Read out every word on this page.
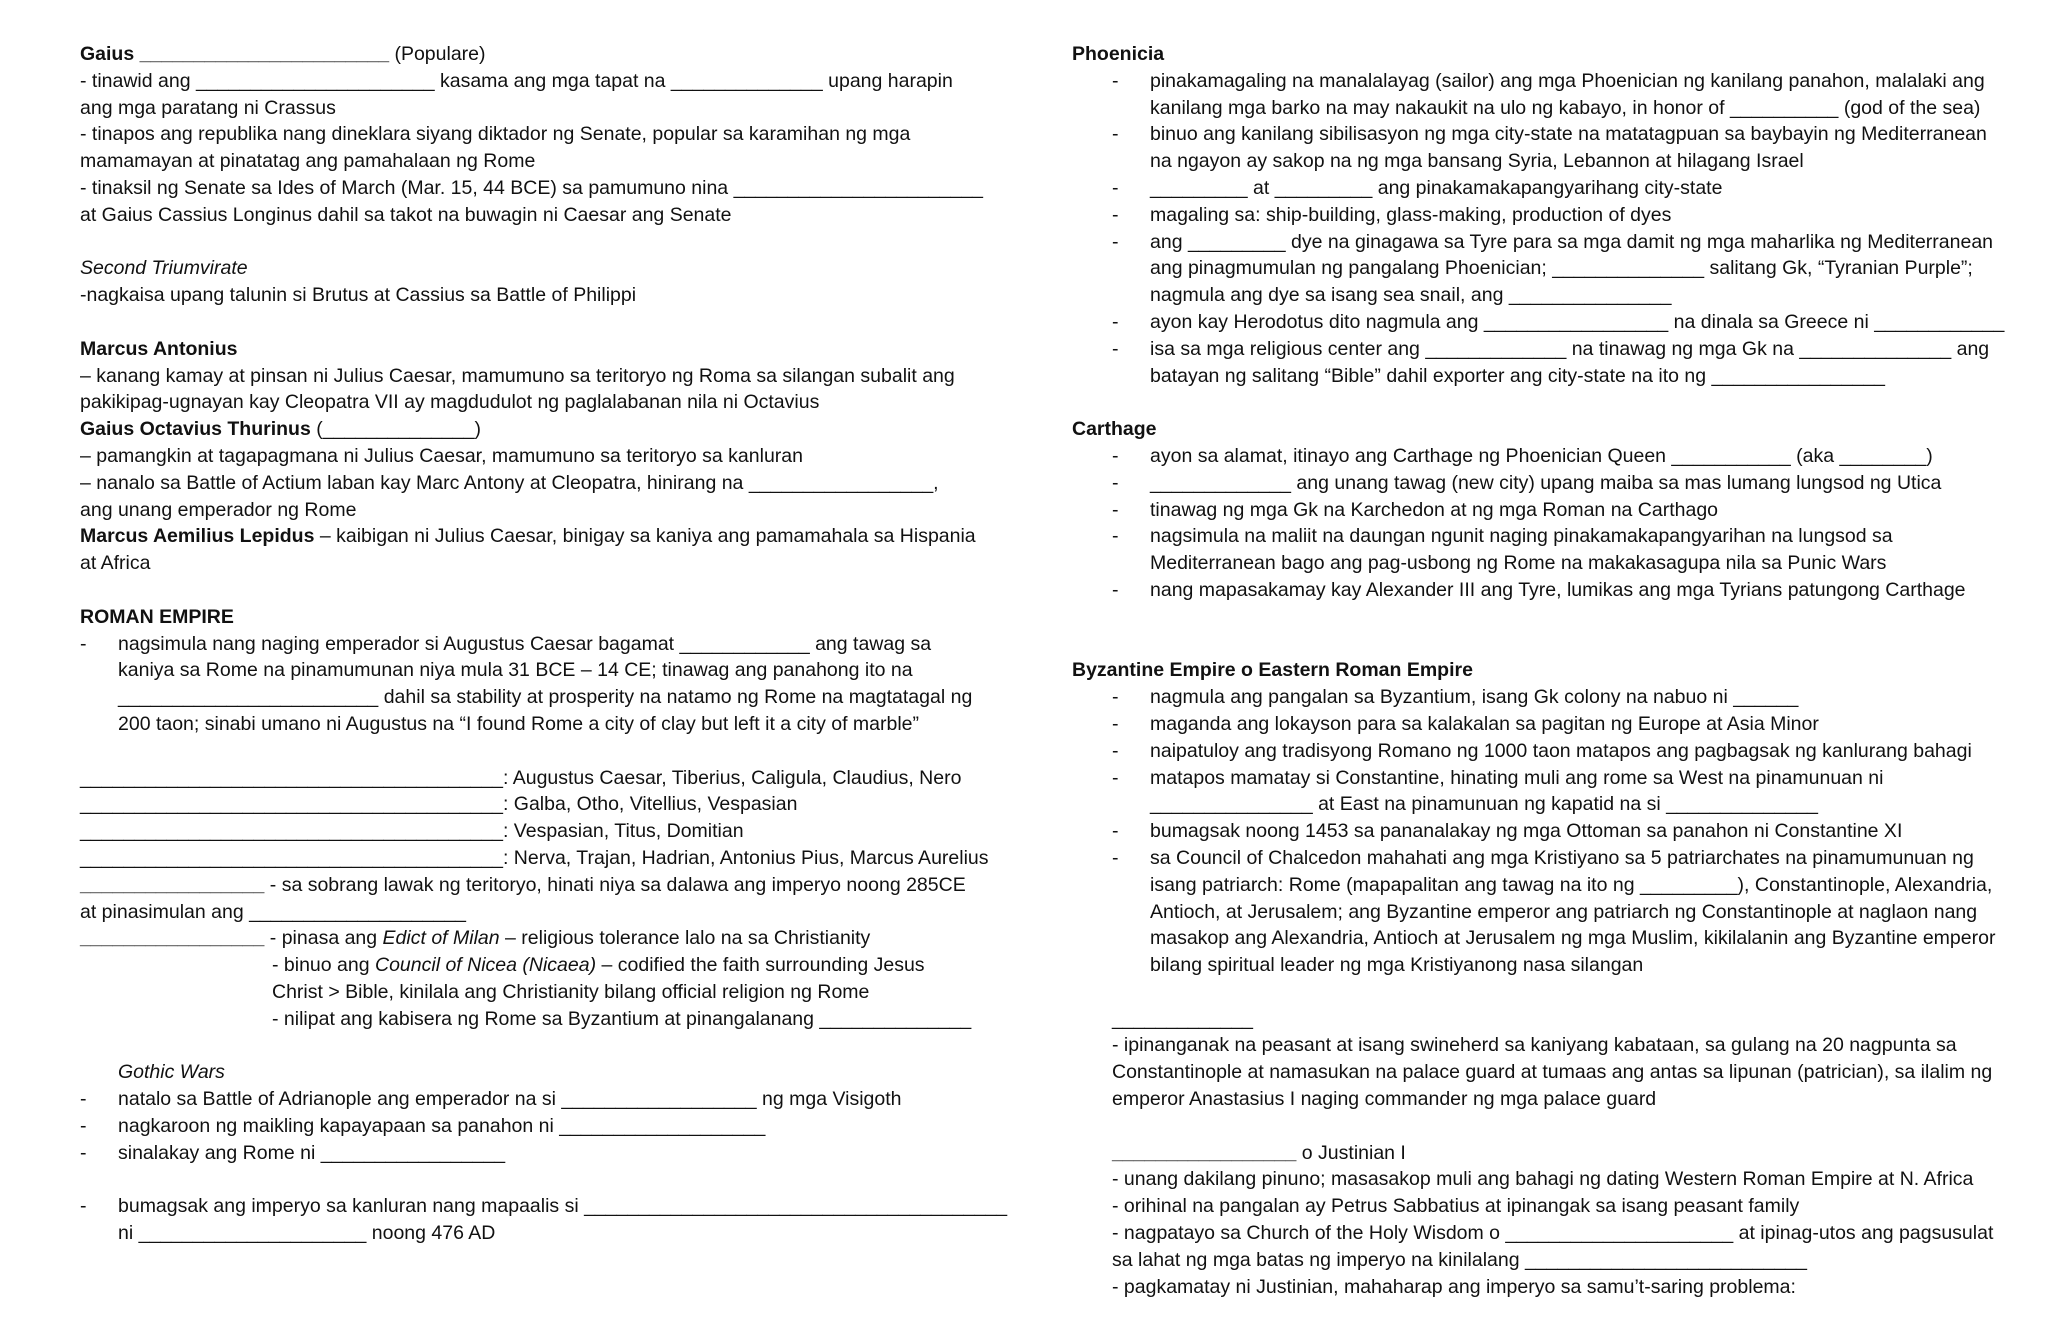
Gaius _______________________ (Populare)
- tinawid ang ______________________ kasama ang mga tapat na ______________ upang harapin
ang mga paratang ni Crassus
- tinapos ang republika nang dineklara siyang diktador ng Senate, popular sa karamihan ng mga
mamamayan at pinatatag ang pamahalaan ng Rome
- tinaksil ng Senate sa Ides of March (Mar. 15, 44 BCE) sa pamumuno nina _______________________
at Gaius Cassius Longinus dahil sa takot na buwagin ni Caesar ang Senate
Second Triumvirate
-nagkaisa upang talunin si Brutus at Cassius sa Battle of Philippi
Marcus Antonius
– kanang kamay at pinsan ni Julius Caesar, mamumuno sa teritoryo ng Roma sa silangan subalit ang
pakikipag-ugnayan kay Cleopatra VII ay magdudulot ng paglalabanan nila ni Octavius
Gaius Octavius Thurinus (______________)
– pamangkin at tagapagmana ni Julius Caesar, mamumuno sa teritoryo sa kanluran
– nanalo sa Battle of Actium laban kay Marc Antony at Cleopatra, hinirang na _________________,
ang unang emperador ng Rome
Marcus Aemilius Lepidus – kaibigan ni Julius Caesar, binigay sa kaniya ang pamamahala sa Hispania
at Africa
ROMAN EMPIRE
- nagsimula nang naging emperador si Augustus Caesar bagamat ____________ ang tawag sa
kaniya sa Rome na pinamumunan niya mula 31 BCE – 14 CE; tinawag ang panahong ito na
________________________ dahil sa stability at prosperity na natamo ng Rome na magtatagal ng
200 taon; sinabi umano ni Augustus na “I found Rome a city of clay but left it a city of marble”
_______________________________________: Augustus Caesar, Tiberius, Caligula, Claudius, Nero
_______________________________________: Galba, Otho, Vitellius, Vespasian
_______________________________________: Vespasian, Titus, Domitian
_______________________________________: Nerva, Trajan, Hadrian, Antonius Pius, Marcus Aurelius
_________________ - sa sobrang lawak ng teritoryo, hinati niya sa dalawa ang imperyo noong 285CE
at pinasimulan ang ____________________
_________________ - pinasa ang Edict of Milan – religious tolerance lalo na sa Christianity
- binuo ang Council of Nicea (Nicaea) – codified the faith surrounding Jesus
Christ > Bible, kinilala ang Christianity bilang official religion ng Rome
- nilipat ang kabisera ng Rome sa Byzantium at pinangalanang ______________
Gothic Wars
- natalo sa Battle of Adrianople ang emperador na si __________________ ng mga Visigoth
- nagkaroon ng maikling kapayapaan sa panahon ni ___________________
- sinalakay ang Rome ni _________________
- bumagsak ang imperyo sa kanluran nang mapaalis si _______________________________________
ni _____________________ noong 476 AD
Phoenicia
- pinakamagaling na manalalayag (sailor) ang mga Phoenician ng kanilang panahon, malalaki ang
kanilang mga barko na may nakaukit na ulo ng kabayo, in honor of __________ (god of the sea)
- binuo ang kanilang sibilisasyon ng mga city-state na matatagpuan sa baybayin ng Mediterranean
na ngayon ay sakop na ng mga bansang Syria, Lebannon at hilagang Israel
- _________ at _________ ang pinakamakapangyarihang city-state
- magaling sa: ship-building, glass-making, production of dyes
- ang _________ dye na ginagawa sa Tyre para sa mga damit ng mga maharlika ng Mediterranean
ang pinagmumulan ng pangalang Phoenician; ______________ salitang Gk, “Tyranian Purple”;
nagmula ang dye sa isang sea snail, ang _______________
- ayon kay Herodotus dito nagmula ang _________________ na dinala sa Greece ni ____________
- isa sa mga religious center ang _____________ na tinawag ng mga Gk na ______________ ang
batayan ng salitang “Bible” dahil exporter ang city-state na ito ng ________________
Carthage
- ayon sa alamat, itinayo ang Carthage ng Phoenician Queen ___________ (aka ________)
- _____________ ang unang tawag (new city) upang maiba sa mas lumang lungsod ng Utica
- tinawag ng mga Gk na Karchedon at ng mga Roman na Carthago
- nagsimula na maliit na daungan ngunit naging pinakamakapangyarihan na lungsod sa
Mediterranean bago ang pag-usbong ng Rome na makakasagupa nila sa Punic Wars
- nang mapasakamay kay Alexander III ang Tyre, lumikas ang mga Tyrians patungong Carthage
Byzantine Empire o Eastern Roman Empire
- nagmula ang pangalan sa Byzantium, isang Gk colony na nabuo ni ______
- maganda ang lokayson para sa kalakalan sa pagitan ng Europe at Asia Minor
- naipatuloy ang tradisyong Romano ng 1000 taon matapos ang pagbagsak ng kanlurang bahagi
- matapos mamatay si Constantine, hinating muli ang rome sa West na pinamunuan ni
_______________ at East na pinamunuan ng kapatid na si ______________
- bumagsak noong 1453 sa pananalakay ng mga Ottoman sa panahon ni Constantine XI
- sa Council of Chalcedon mahahati ang mga Kristiyano sa 5 patriarchates na pinamumunuan ng
isang patriarch: Rome (mapapalitan ang tawag na ito ng _________), Constantinople, Alexandria,
Antioch, at Jerusalem; ang Byzantine emperor ang patriarch ng Constantinople at naglaon nang
masakop ang Alexandria, Antioch at Jerusalem ng mga Muslim, kikilalanin ang Byzantine emperor
bilang spiritual leader ng mga Kristiyanong nasa silangan
_____________
- ipinanganak na peasant at isang swineherd sa kaniyang kabataan, sa gulang na 20 nagpunta sa
Constantinople at namasukan na palace guard at tumaas ang antas sa lipunan (patrician), sa ilalim ng
emperor Anastasius I naging commander ng mga palace guard
_________________ o Justinian I
- unang dakilang pinuno; masasakop muli ang bahagi ng dating Western Roman Empire at N. Africa
- orihinal na pangalan ay Petrus Sabbatius at ipinangak sa isang peasant family
- nagpatayo sa Church of the Holy Wisdom o _____________________ at ipinag-utos ang pagsusulat
sa lahat ng mga batas ng imperyo na kinilalang __________________________
- pagkamatay ni Justinian, mahaharap ang imperyo sa samu’t-saring problema:
